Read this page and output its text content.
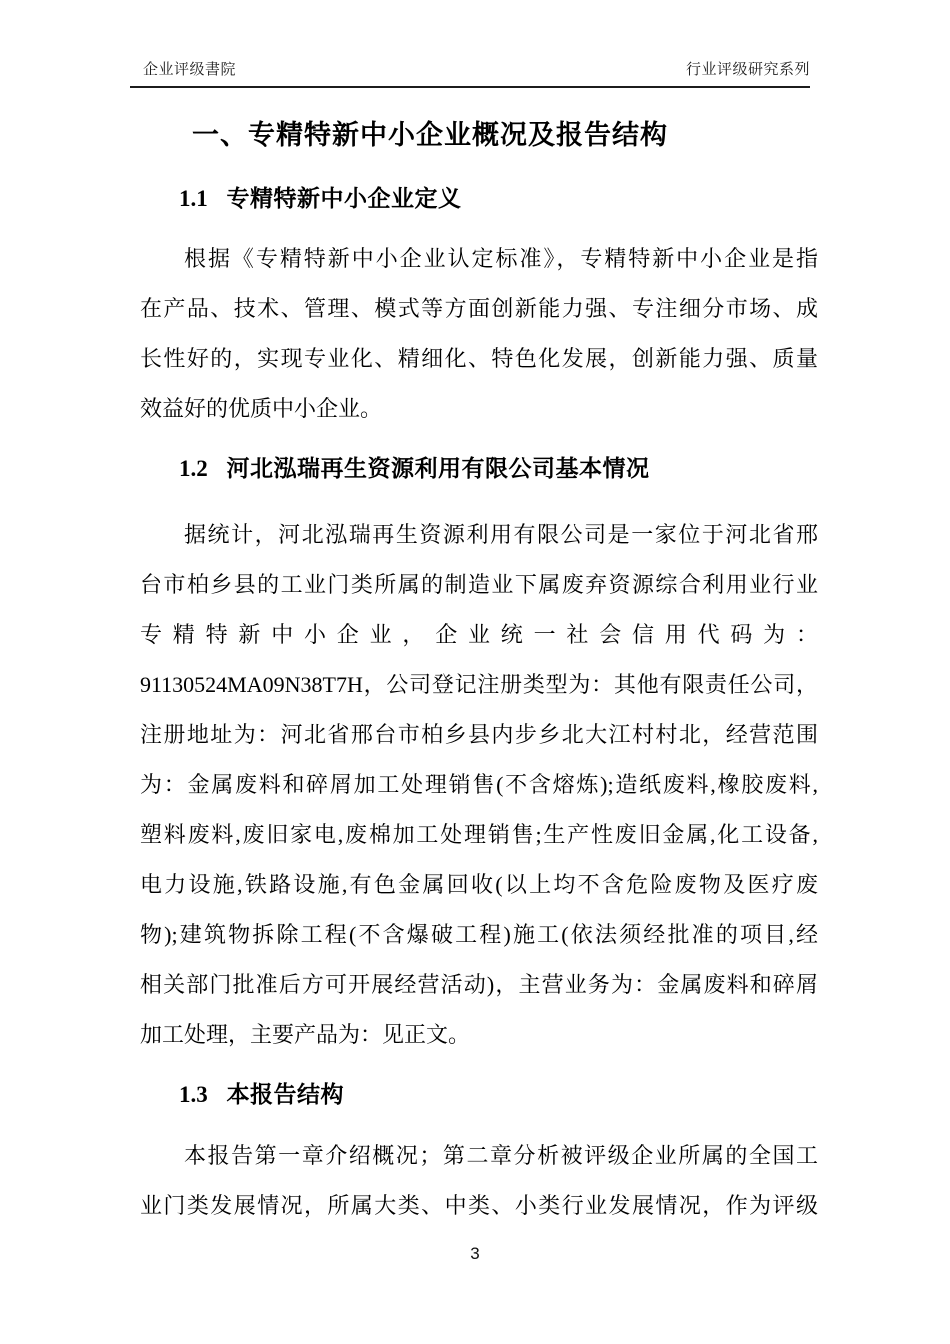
企业评级書院	行业评级研究系列
一、专精特新中小企业概况及报告结构
1.1 专精特新中小企业定义
根据《专精特新中小企业认定标准》，专精特新中小企业是指
在产品、技术、管理、模式等方面创新能力强、专注细分市场、成
长性好的，实现专业化、精细化、特色化发展，创新能力强、质量
效益好的优质中小企业。
1.2 河北泓瑞再生资源利用有限公司基本情况
据统计，河北泓瑞再生资源利用有限公司是一家位于河北省邢
台市柏乡县的工业门类所属的制造业下属废弃资源综合利用业行业
专精特新中小企业，企业统一社会信用代码为：
91130524MA09N38T7H，公司登记注册类型为：其他有限责任公司，
注册地址为：河北省邢台市柏乡县内步乡北大江村村北，经营范围
为：金属废料和碎屑加工处理销售(不含熔炼);造纸废料,橡胶废料,
塑料废料,废旧家电,废棉加工处理销售;生产性废旧金属,化工设备,
电力设施,铁路设施,有色金属回收(以上均不含危险废物及医疗废
物);建筑物拆除工程(不含爆破工程)施工(依法须经批准的项目,经
相关部门批准后方可开展经营活动)，主营业务为：金属废料和碎屑
加工处理，主要产品为：见正文。
1.3 本报告结构
本报告第一章介绍概况；第二章分析被评级企业所属的全国工
业门类发展情况，所属大类、中类、小类行业发展情况，作为评级
3
